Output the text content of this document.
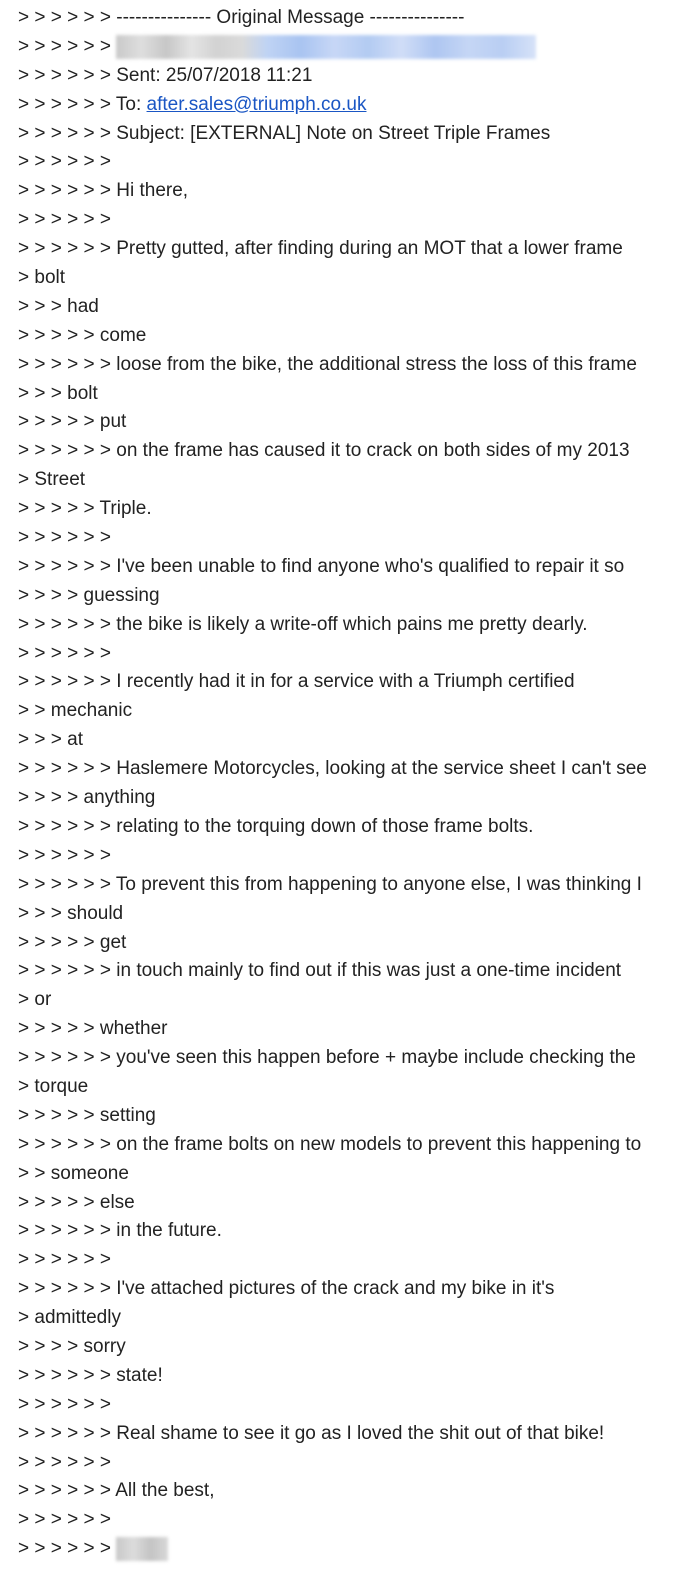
> > > > > > --------------- Original Message ---------------
> > > > > >
> > > > > > Sent: 25/07/2018 11:21
> > > > > > To: after.sales@triumph.co.uk
> > > > > > Subject: [EXTERNAL] Note on Street Triple Frames
> > > > > >
> > > > > > Hi there,
> > > > > >
> > > > > > Pretty gutted, after finding during an MOT that a lower frame
> bolt
> > > had
> > > > > come
> > > > > > loose from the bike, the additional stress the loss of this frame
> > > bolt
> > > > > put
> > > > > > on the frame has caused it to crack on both sides of my 2013
> Street
> > > > > Triple.
> > > > > >
> > > > > > I've been unable to find anyone who's qualified to repair it so
> > > > guessing
> > > > > > the bike is likely a write-off which pains me pretty dearly.
> > > > > >
> > > > > > I recently had it in for a service with a Triumph certified
> > mechanic
> > > at
> > > > > > Haslemere Motorcycles, looking at the service sheet I can't see
> > > > anything
> > > > > > relating to the torquing down of those frame bolts.
> > > > > >
> > > > > > To prevent this from happening to anyone else, I was thinking I
> > > should
> > > > > get
> > > > > > in touch mainly to find out if this was just a one-time incident
> or
> > > > > whether
> > > > > > you've seen this happen before + maybe include checking the
> torque
> > > > > setting
> > > > > > on the frame bolts on new models to prevent this happening to
> > someone
> > > > > else
> > > > > > in the future.
> > > > > >
> > > > > > I've attached pictures of the crack and my bike in it's
> admittedly
> > > > sorry
> > > > > > state!
> > > > > >
> > > > > > Real shame to see it go as I loved the shit out of that bike!
> > > > > >
> > > > > > All the best,
> > > > > >
> > > > > >
